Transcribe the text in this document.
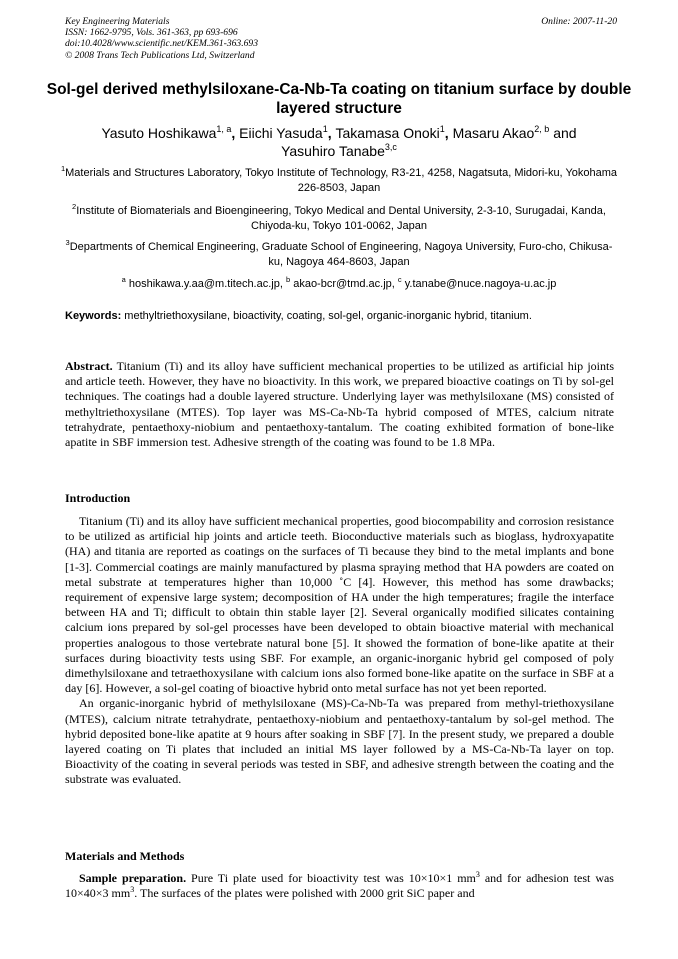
Key Engineering Materials
ISSN: 1662-9795, Vols. 361-363, pp 693-696
doi:10.4028/www.scientific.net/KEM.361-363.693
© 2008 Trans Tech Publications Ltd, Switzerland
Online: 2007-11-20
Sol-gel derived methylsiloxane-Ca-Nb-Ta coating on titanium surface by double layered structure
Yasuto Hoshikawa$^{1, a}$, Eiichi Yasuda$^1$, Takamasa Onoki$^1$, Masaru Akao$^{2, b}$ and
Yasuhiro Tanabe$^{3,c}$
$^1$Materials and Structures Laboratory, Tokyo Institute of Technology, R3-21, 4258, Nagatsuta, Midori-ku, Yokohama 226-8503, Japan
$^2$Institute of Biomaterials and Bioengineering, Tokyo Medical and Dental University, 2-3-10, Surugadai, Kanda, Chiyoda-ku, Tokyo 101-0062, Japan
$^3$Departments of Chemical Engineering, Graduate School of Engineering, Nagoya University, Furo-cho, Chikusa-ku, Nagoya 464-8603, Japan
$^a$ hoshikawa.y.aa@m.titech.ac.jp, $^b$ akao-bcr@tmd.ac.jp, $^c$ y.tanabe@nuce.nagoya-u.ac.jp
Keywords: methyltriethoxysilane, bioactivity, coating, sol-gel, organic-inorganic hybrid, titanium.
Abstract. Titanium (Ti) and its alloy have sufficient mechanical properties to be utilized as artificial hip joints and article teeth. However, they have no bioactivity. In this work, we prepared bioactive coatings on Ti by sol-gel techniques. The coatings had a double layered structure. Underlying layer was methylsiloxane (MS) consisted of methyltriethoxysilane (MTES). Top layer was MS-Ca-Nb-Ta hybrid composed of MTES, calcium nitrate tetrahydrate, pentaethoxy-niobium and pentaethoxy-tantalum. The coating exhibited formation of bone-like apatite in SBF immersion test. Adhesive strength of the coating was found to be 1.8 MPa.
Introduction

Titanium (Ti) and its alloy have sufficient mechanical properties, good biocompability and corrosion resistance to be utilized as artificial hip joints and article teeth. Bioconductive materials such as bioglass, hydroxyapatite (HA) and titania are reported as coatings on the surfaces of Ti because they bind to the metal implants and bone [1-3]. Commercial coatings are mainly manufactured by plasma spraying method that HA powders are coated on metal substrate at temperatures higher than 10,000 ˚C [4]. However, this method has some drawbacks; requirement of expensive large system; decomposition of HA under the high temperatures; fragile the interface between HA and Ti; difficult to obtain thin stable layer [2]. Several organically modified silicates containing calcium ions prepared by sol-gel processes have been developed to obtain bioactive material with mechanical properties analogous to those vertebrate natural bone [5]. It showed the formation of bone-like apatite at their surfaces during bioactivity tests using SBF. For example, an organic-inorganic hybrid gel composed of poly dimethylsiloxane and tetraethoxysilane with calcium ions also formed bone-like apatite on the surface in SBF at a day [6]. However, a sol-gel coating of bioactive hybrid onto metal surface has not yet been reported.

An organic-inorganic hybrid of methylsiloxane (MS)-Ca-Nb-Ta was prepared from methyl-triethoxysilane (MTES), calcium nitrate tetrahydrate, pentaethoxy-niobium and pentaethoxy-tantalum by sol-gel method. The hybrid deposited bone-like apatite at 9 hours after soaking in SBF [7]. In the present study, we prepared a double layered coating on Ti plates that included an initial MS layer followed by a MS-Ca-Nb-Ta layer on top. Bioactivity of the coating in several periods was tested in SBF, and adhesive strength between the coating and the substrate was evaluated.

Materials and Methods

Sample preparation. Pure Ti plate used for bioactivity test was 10×10×1 $mm^3$ and for adhesion test was 10×40×3 $mm^3$. The surfaces of the plates were polished with 2000 grit SiC paper and
